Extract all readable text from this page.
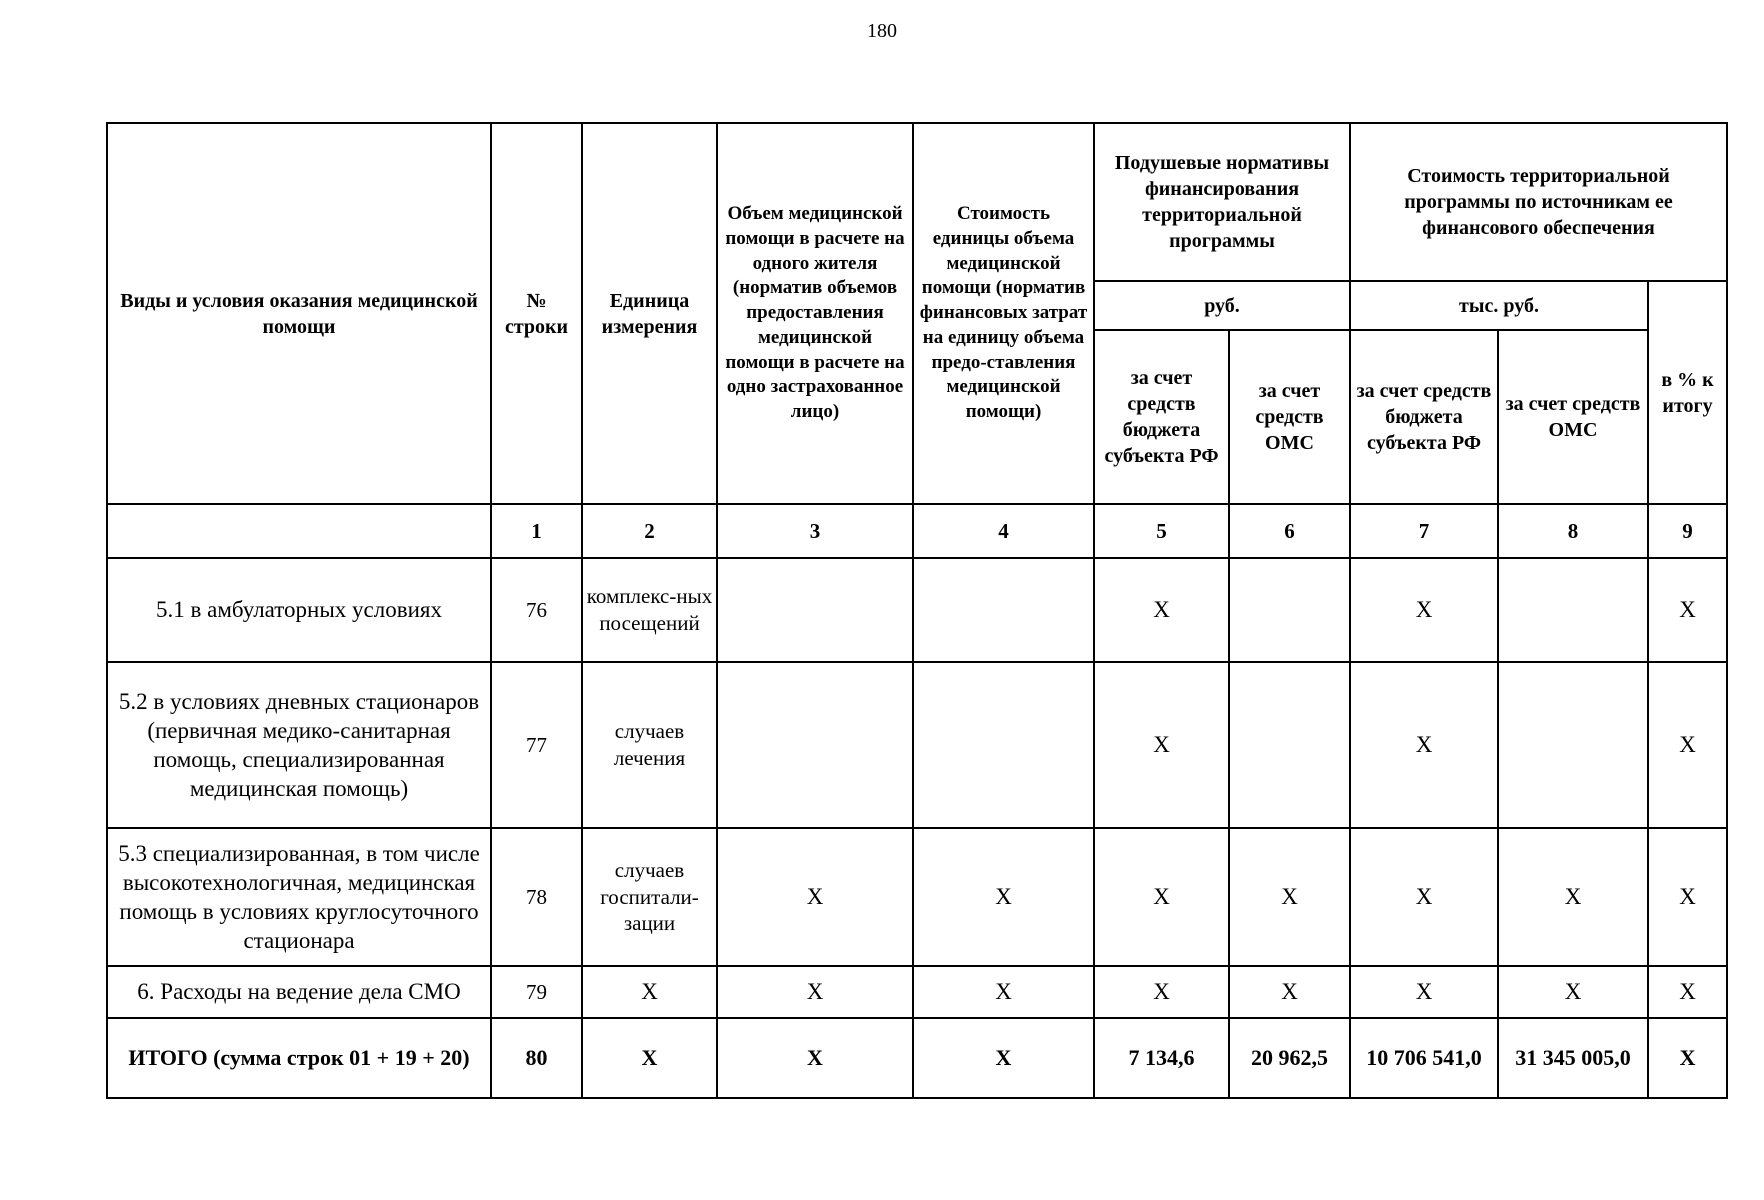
180
Виды и условия оказания медицинской помощи	№ строки	Единица измерения	Объем медицинской помощи в расчете на одного жителя (норматив объемов предоставления медицинской помощи в расчете на одно застрахованное лицо)	Стоимость единицы объема медицинской помощи (норматив финансовых затрат на единицу объема предо-ставления медицинской помощи)	Подушевые нормативы финансирования территориальной программы		Стоимость территориальной программы по источникам ее финансового обеспечения		
					руб.		тыс. руб.		в % к итогу
					за счет средств бюджета субъекта РФ	за счет средств ОМС	за счет средств бюджета субъекта РФ	за счет средств ОМС	
	1	2	3	4	5	6	7	8	9
5.1 в амбулаторных условиях	76	комплекс-ных посещений			Х		Х		Х
5.2 в условиях дневных стационаров (первичная медико-санитарная помощь, специализированная медицинская помощь)	77	случаев лечения			Х		Х		Х
5.3 специализированная, в том числе высокотехнологичная, медицинская помощь в условиях круглосуточного стационара	78	случаев госпитали-зации	Х	Х	Х	Х	Х	Х	Х
6. Расходы на ведение дела СМО	79	Х	Х	Х	Х	Х	Х	Х	Х
ИТОГО (сумма строк 01 + 19 + 20)	80	Х	Х	Х	7 134,6	20 962,5	10 706 541,0	31 345 005,0	Х
